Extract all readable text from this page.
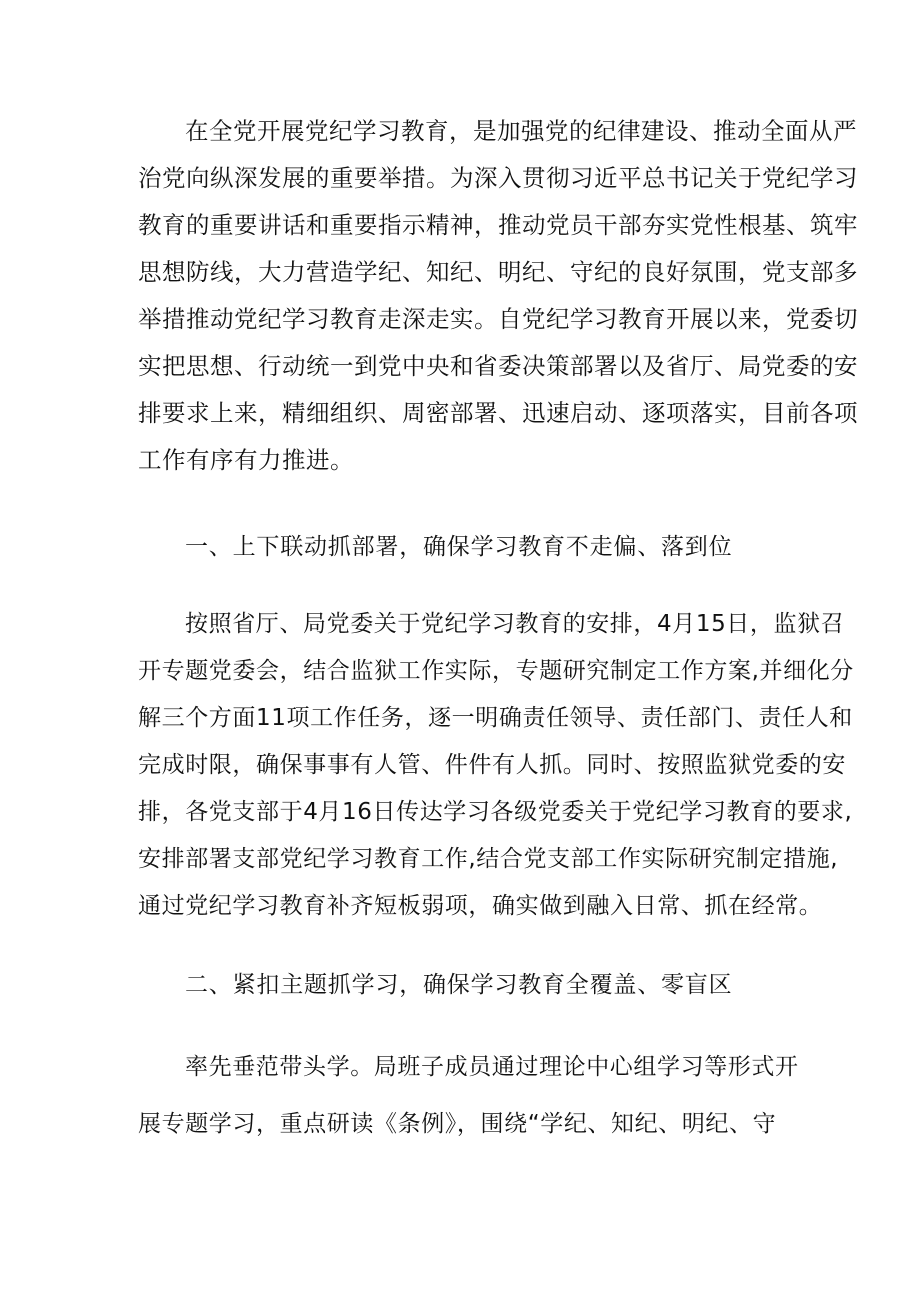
在全党开展党纪学习教育，是加强党的纪律建设、推动全面从严
治党向纵深发展的重要举措。为深入贯彻习近平总书记关于党纪学习
教育的重要讲话和重要指示精神，推动党员干部夯实党性根基、筑牢
思想防线，大力营造学纪、知纪、明纪、守纪的良好氛围，党支部多
举措推动党纪学习教育走深走实。自党纪学习教育开展以来，党委切
实把思想、行动统一到党中央和省委决策部署以及省厅、局党委的安
排要求上来，精细组织、周密部署、迅速启动、逐项落实，目前各项
工作有序有力推进。
一、上下联动抓部署，确保学习教育不走偏、落到位
按照省厅、局党委关于党纪学习教育的安排，4月15日，监狱召
开专题党委会，结合监狱工作实际，专题研究制定工作方案,并细化分
解三个方面11项工作任务，逐一明确责任领导、责任部门、责任人和
完成时限，确保事事有人管、件件有人抓。同时、按照监狱党委的安
排，各党支部于4月16日传达学习各级党委关于党纪学习教育的要求,
安排部署支部党纪学习教育工作,结合党支部工作实际研究制定措施,
通过党纪学习教育补齐短板弱项，确实做到融入日常、抓在经常。
二、紧扣主题抓学习，确保学习教育全覆盖、零盲区
率先垂范带头学。局班子成员通过理论中心组学习等形式开
展专题学习，重点研读《条例》，围绕“学纪、知纪、明纪、守
